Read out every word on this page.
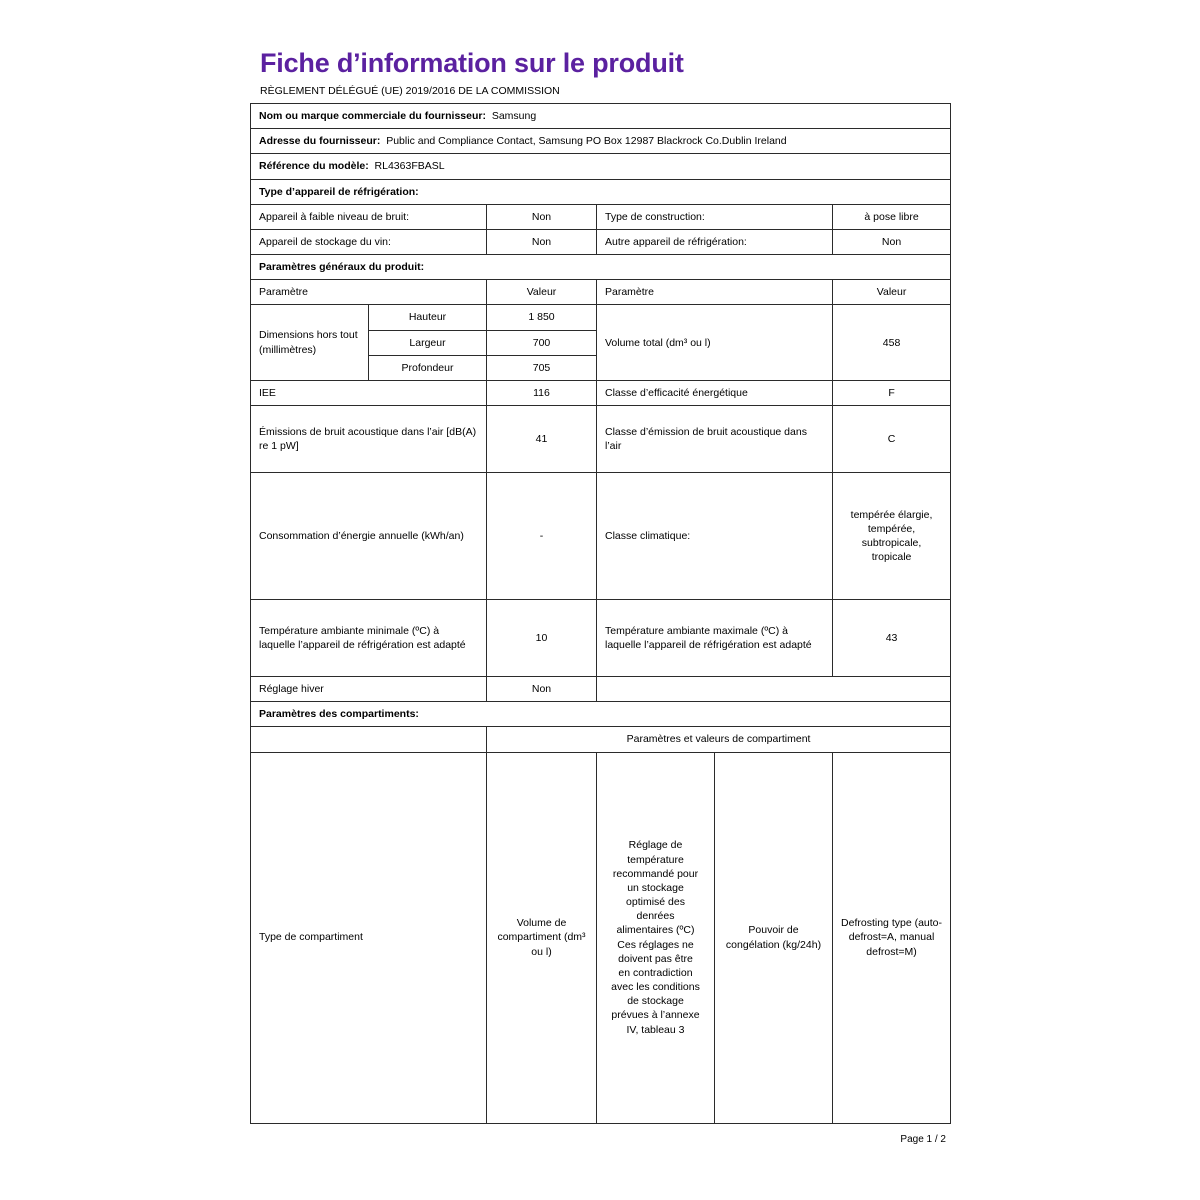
Fiche d’information sur le produit
RÈGLEMENT DÉLÉGUÉ (UE) 2019/2016 DE LA COMMISSION
Nom ou marque commerciale du fournisseur: Samsung					
Adresse du fournisseur: Public and Compliance Contact, Samsung PO Box 12987 Blackrock Co.Dublin Ireland					
Référence du modèle: RL4363FBASL					
Type d’appareil de réfrigération:					
Appareil à faible niveau de bruit:		Non	Type de construction:		à pose libre
Appareil de stockage du vin:		Non	Autre appareil de réfrigération:		Non
Paramètres généraux du produit:					
Paramètre		Valeur	Paramètre		Valeur
Dimensions hors tout (millimètres)	Hauteur	1 850	Volume total (dm³ ou l)		458
	Largeur	700			
	Profondeur	705			
IEE		116	Classe d’efficacité énergétique		F
Émissions de bruit acoustique dans l’air [dB(A) re 1 pW]		41	Classe d’émission de bruit acoustique dans l’air		C
Consommation d’énergie annuelle (kWh/an)		-	Classe climatique:		tempérée élargie, tempérée, subtropicale, tropicale
Température ambiante minimale (ºC) à laquelle l’appareil de réfrigération est adapté		10	Température ambiante maximale (ºC) à laquelle l’appareil de réfrigération est adapté		43
Réglage hiver		Non			
Paramètres des compartiments:					
		Paramètres et valeurs de compartiment			
Type de compartiment		Volume de compartiment (dm³ ou l)	Réglage de température recommandé pour un stockage optimisé des denrées alimentaires (ºC) Ces réglages ne doivent pas être en contradiction avec les conditions de stockage prévues à l’annexe IV, tableau 3	Pouvoir de congélation (kg/24h)	Defrosting type (auto-defrost=A, manual defrost=M)
Page 1 / 2
